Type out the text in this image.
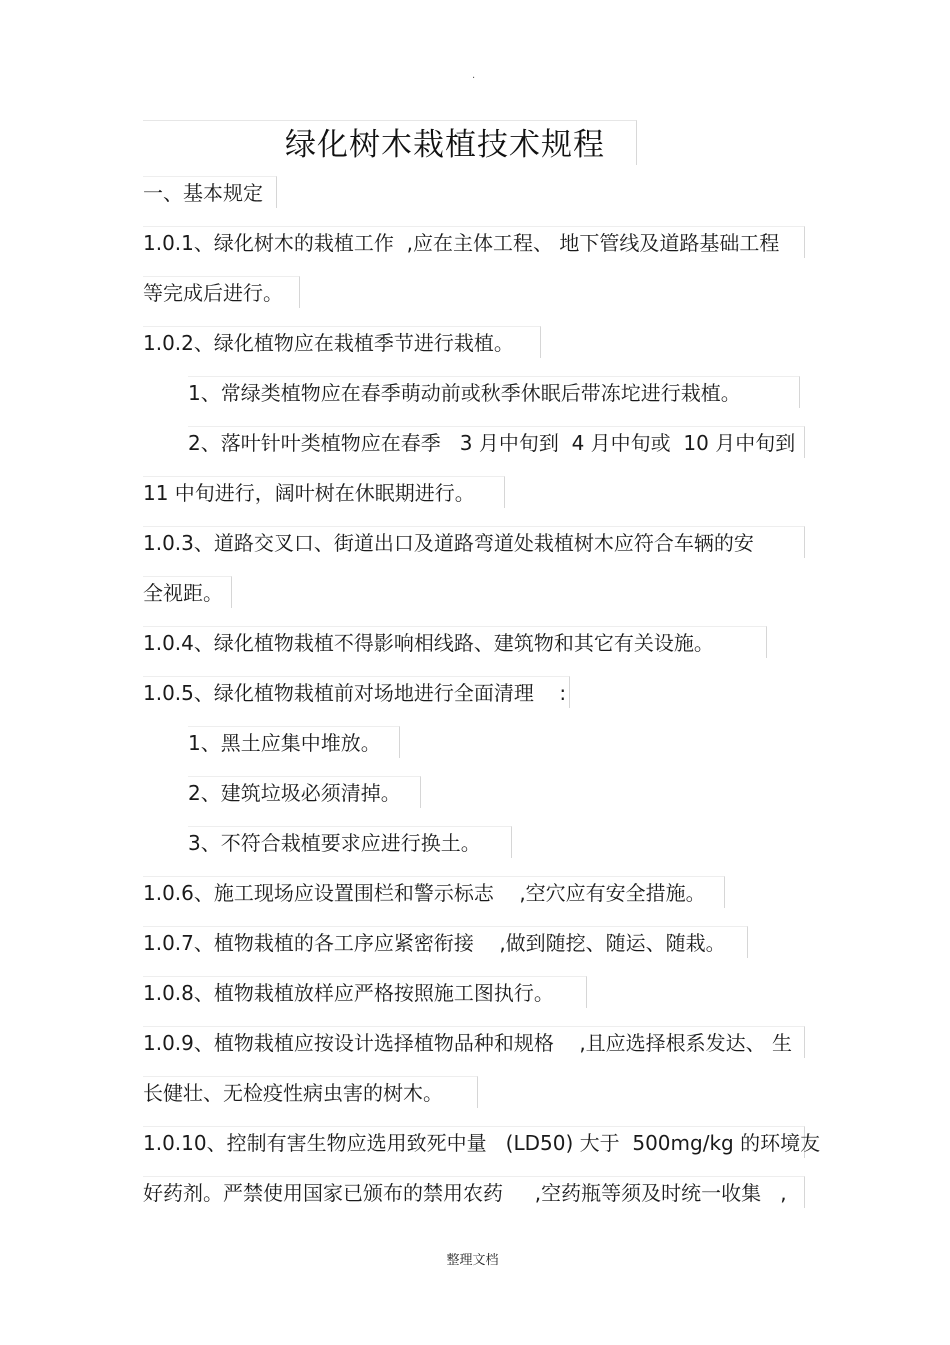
.
绿化树木栽植技术规程
一、基本规定
1.0.1、绿化树木的栽植工作  ,应在主体工程、 地下管线及道路基础工程
等完成后进行。
1.0.2、绿化植物应在栽植季节进行栽植。
1、常绿类植物应在春季萌动前或秋季休眠后带冻坨进行栽植。
2、落叶针叶类植物应在春季   3 月中旬到  4 月中旬或  10 月中旬到
11 中旬进行，阔叶树在休眠期进行。
1.0.3、道路交叉口、街道出口及道路弯道处栽植树木应符合车辆的安
全视距。
1.0.4、绿化植物栽植不得影响相线路、建筑物和其它有关设施。
1.0.5、绿化植物栽植前对场地进行全面清理    :
1、黑土应集中堆放。
2、建筑垃圾必须清掉。
3、不符合栽植要求应进行换土。
1.0.6、施工现场应设置围栏和警示标志    ,空穴应有安全措施。
1.0.7、植物栽植的各工序应紧密衔接    ,做到随挖、随运、随栽。
1.0.8、植物栽植放样应严格按照施工图执行。
1.0.9、植物栽植应按设计选择植物品种和规格    ,且应选择根系发达、 生
长健壮、无检疫性病虫害的树木。
1.0.10、控制有害生物应选用致死中量   (LD50) 大于  500mg/kg 的环境友
好药剂。严禁使用国家已颁布的禁用农药     ,空药瓶等须及时统一收集   ,
整理文档
